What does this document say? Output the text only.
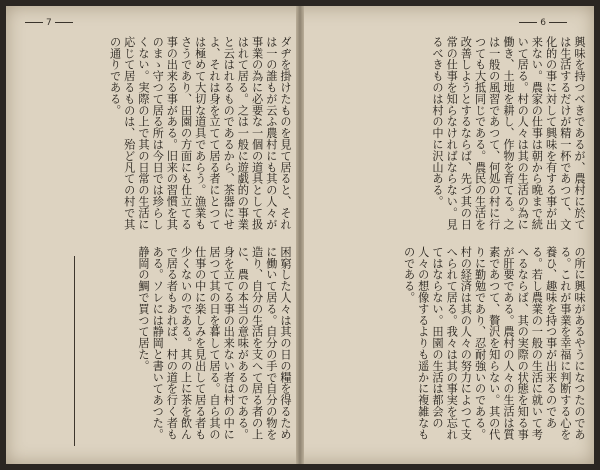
7
ダヂを掛けたものを見て居ると、それは一の誰もが云ふ農村にも其の人々が事業の為に必要な一個の道具として扱はれて居る。之は一般に遊戯的の事業と云はれるものであるから、茶器にせよ、それは身を立てて居る者にとつては極めて大切な道具であらう。漁業もさうであり、田園の方面にも仕立てる事の出来る事がある。旧来の習慣を其のまゝ守つて居る所は今日では珍らしくない。実際の上で其の日常の生活に応じて居るものは、殆ど凡ての村で其の通りである。
困窮した人々は其の日の糧を得るために働いて居る。自分の手で自分の物を造り、自分の生活を支へて居る者の上に、農の本当の意味があるのである。身を立てる事の出来ない者は村の中に居つて其の日を暮して居る。自ら其の仕事の中に楽しみを見出して居る者も少くないのである。其の上に茶を飲んで居る者もあれば、村の道を行く者もある。ソレには静岡と書いてあつた。静岡の鯛で買つて居た。
6
興味を持つべきであるが、農村に於ては生活するだけが精一杯であつて、文化的の事に対して興味を有する事が出来ない。農家の仕事は朝から晩まで続いて居る。村の人々は其の生活の為に働き、土地を耕し、作物を育てる。之は一般の風習であつて、何処の村に行つても大抵同じである。農民の生活を改善しようとするならば、先づ其の日常の仕事を知らなければならない。見るべきものは村の中に沢山ある。
の所に興味があるやうになつたのである。これが事業を幸福に判断する心を養ひ、趣味を持つ事が出来るのである。若し農業の一般の生活に就いて考へるならば、其の実際の状態を知る事が肝要である。農村の人々の生活は質素であつて、贅沢を知らない。其の代りに勤勉であり、忍耐強いのである。村の経済は其の人々の努力によつて支へられて居る。我々は其の事実を忘れてはならない。田園の生活は都会の人々の想像するよりも遥かに複雑なものである。
